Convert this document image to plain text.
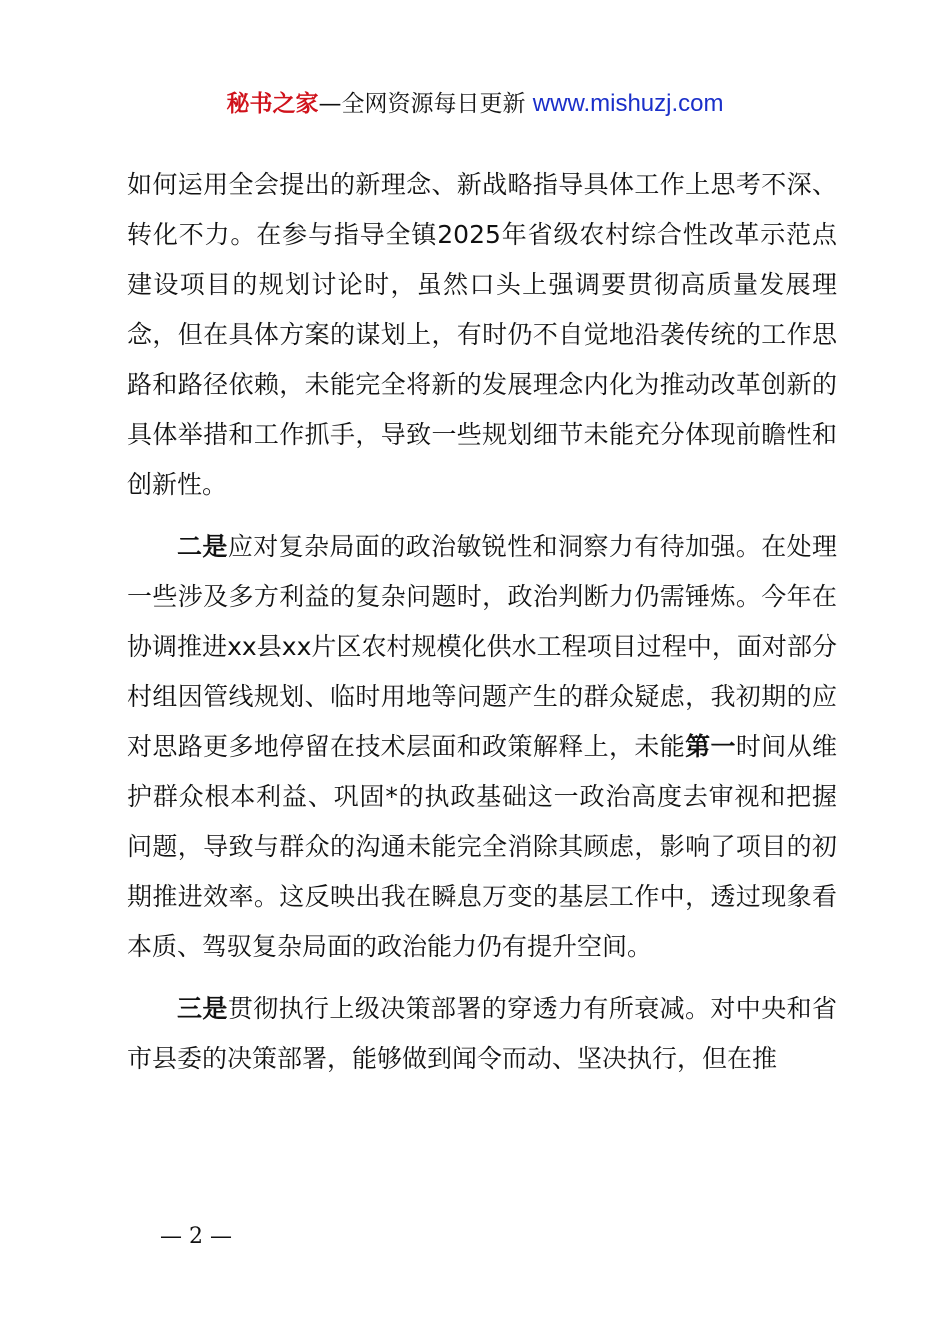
秘书之家—全网资源每日更新 www.mishuzj.com

如何运用全会提出的新理念、新战略指导具体工作上思考不深、转化不力。在参与指导全镇2025年省级农村综合性改革示范点建设项目的规划讨论时，虽然口头上强调要贯彻高质量发展理念，但在具体方案的谋划上，有时仍不自觉地沿袭传统的工作思路和路径依赖，未能完全将新的发展理念内化为推动改革创新的具体举措和工作抓手，导致一些规划细节未能充分体现前瞻性和创新性。

二是应对复杂局面的政治敏锐性和洞察力有待加强。在处理一些涉及多方利益的复杂问题时，政治判断力仍需锤炼。今年在协调推进xx县xx片区农村规模化供水工程项目过程中，面对部分村组因管线规划、临时用地等问题产生的群众疑虑，我初期的应对思路更多地停留在技术层面和政策解释上，未能第一时间从维护群众根本利益、巩固*的执政基础这一政治高度去审视和把握问题，导致与群众的沟通未能完全消除其顾虑，影响了项目的初期推进效率。这反映出我在瞬息万变的基层工作中，透过现象看本质、驾驭复杂局面的政治能力仍有提升空间。

三是贯彻执行上级决策部署的穿透力有所衰减。对中央和省市县委的决策部署，能够做到闻令而动、坚决执行，但在推

— 2 —
